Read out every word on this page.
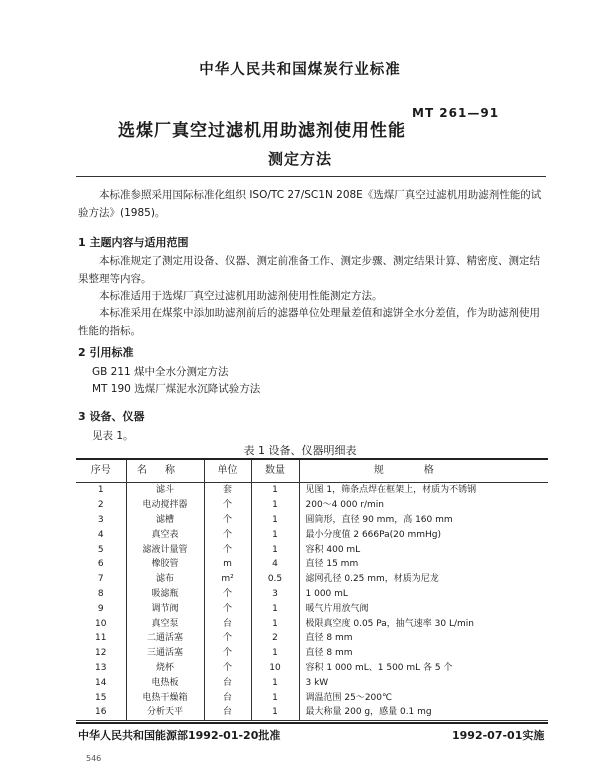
中华人民共和国煤炭行业标准
选煤厂真空过滤机用助滤剂使用性能
MT 261—91
测定方法
本标准参照采用国际标准化组织 ISO/TC 27/SC1N 208E《选煤厂真空过滤机用助滤剂性能的试验方法》(1985)。
1 主题内容与适用范围
本标准规定了测定用设备、仪器、测定前准备工作、测定步骤、测定结果计算、精密度、测定结果整理等内容。
本标准适用于选煤厂真空过滤机用助滤剂使用性能测定方法。
本标准采用在煤浆中添加助滤剂前后的滤器单位处理量差值和滤饼全水分差值，作为助滤剂使用性能的指标。
2 引用标准
GB 211 煤中全水分测定方法
MT 190 选煤厂煤泥水沉降试验方法
3 设备、仪器
见表 1。
表 1 设备、仪器明细表
序号	名称	单位	数量	规格
1	滤斗	套	1	见图 1，筛条点焊在框架上，材质为不锈钢
2	电动搅拌器	个	1	200～4 000 r/min
3	滤槽	个	1	圆筒形，直径 90 mm，高 160 mm
4	真空表	个	1	最小分度值 2 666Pa(20 mmHg)
5	滤液计量管	个	1	容积 400 mL
6	橡胶管	m	4	直径 15 mm
7	滤布	m²	0.5	滤网孔径 0.25 mm，材质为尼龙
8	吸滤瓶	个	3	1 000 mL
9	调节阀	个	1	暖气片用放气阀
10	真空泵	台	1	极限真空度 0.05 Pa，抽气速率 30 L/min
11	二通活塞	个	2	直径 8 mm
12	三通活塞	个	1	直径 8 mm
13	烧杯	个	10	容积 1 000 mL、1 500 mL 各 5 个
14	电热板	台	1	3 kW
15	电热干燥箱	台	1	调温范围 25～200℃
16	分析天平	台	1	最大称量 200 g，感量 0.1 mg
中华人民共和国能源部1992-01-20批准	1992-07-01实施
546
